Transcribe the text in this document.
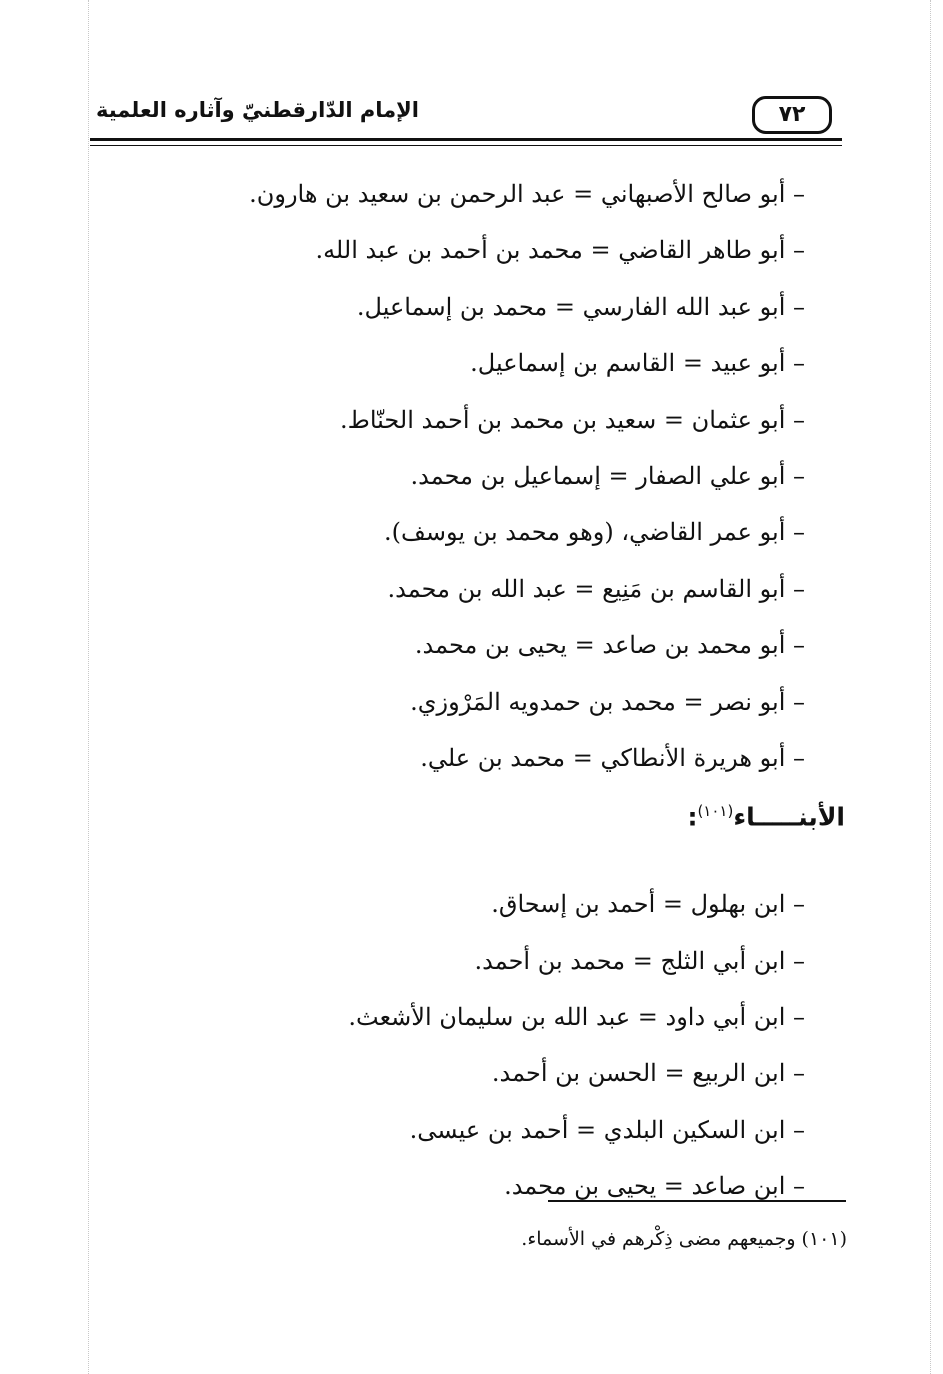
٧٢
الإمام الدّارقطنيّ وآثاره العلمية
– أبو صالح الأصبهاني = عبد الرحمن بن سعيد بن هارون.
– أبو طاهر القاضي = محمد بن أحمد بن عبد الله.
– أبو عبد الله الفارسي = محمد بن إسماعيل.
– أبو عبيد = القاسم بن إسماعيل.
– أبو عثمان = سعيد بن محمد بن أحمد الحنّاط.
– أبو علي الصفار = إسماعيل بن محمد.
– أبو عمر القاضي، (وهو محمد بن يوسف).
– أبو القاسم بن مَنِيع = عبد الله بن محمد.
– أبو محمد بن صاعد = يحيى بن محمد.
– أبو نصر = محمد بن حمدويه المَرْوزي.
– أبو هريرة الأنطاكي = محمد بن علي.
الأبنـــــاء$^{(١٠١)}$:
– ابن بهلول = أحمد بن إسحاق.
– ابن أبي الثلج = محمد بن أحمد.
– ابن أبي داود = عبد الله بن سليمان الأشعث.
– ابن الربيع = الحسن بن أحمد.
– ابن السكين البلدي = أحمد بن عيسى.
– ابن صاعد = يحيى بن محمد.
(١٠١) وجميعهم مضى ذِكْرهم في الأسماء.
